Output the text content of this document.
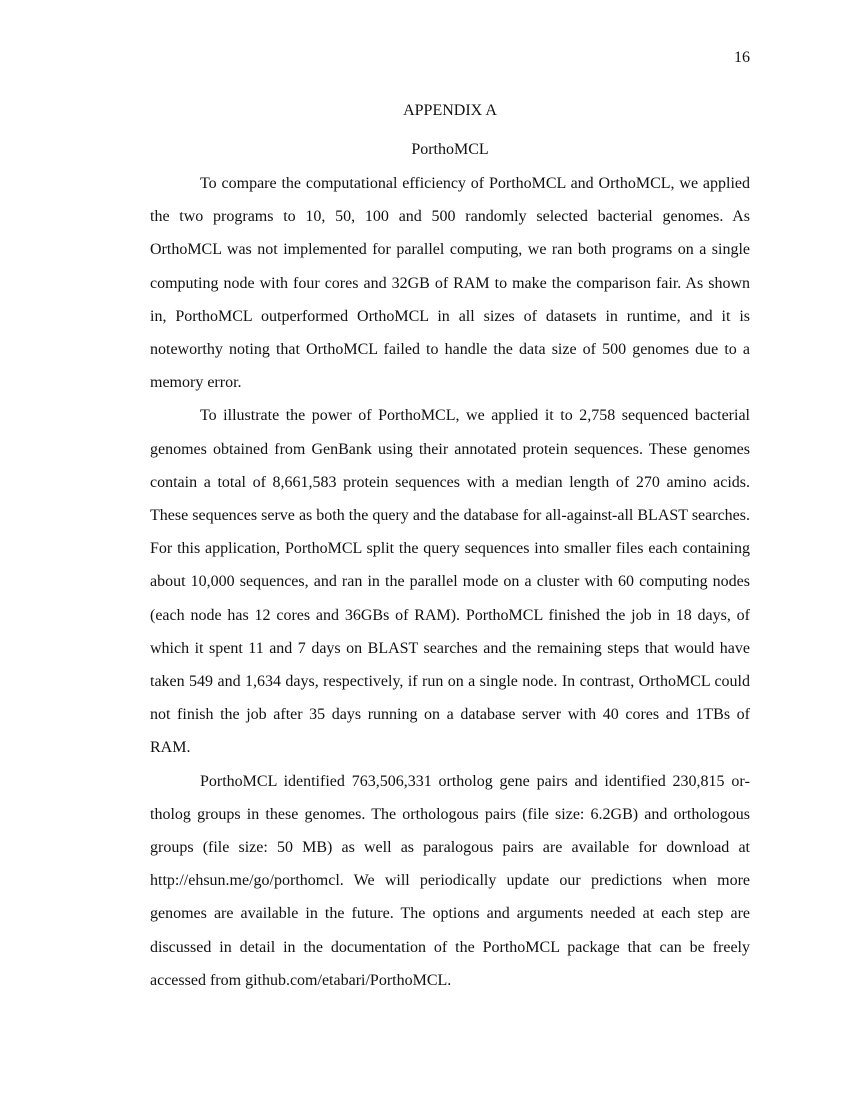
16
APPENDIX A
PorthoMCL

To compare the computational efficiency of PorthoMCL and OrthoMCL, we applied the two programs to 10, 50, 100 and 500 randomly selected bacterial genomes. As OrthoMCL was not implemented for parallel computing, we ran both programs on a single computing node with four cores and 32GB of RAM to make the comparison fair. As shown in, PorthoMCL outperformed OrthoMCL in all sizes of datasets in runtime, and it is noteworthy noting that OrthoMCL failed to handle the data size of 500 genomes due to a memory error.

To illustrate the power of PorthoMCL, we applied it to 2,758 sequenced bacterial genomes obtained from GenBank using their annotated protein sequences. These genomes contain a total of 8,661,583 protein sequences with a median length of 270 amino acids. These sequences serve as both the query and the database for all-against-all BLAST searches. For this application, PorthoMCL split the query sequences into smaller files each containing about 10,000 sequences, and ran in the parallel mode on a cluster with 60 computing nodes (each node has 12 cores and 36GBs of RAM). PorthoMCL finished the job in 18 days, of which it spent 11 and 7 days on BLAST searches and the remaining steps that would have taken 549 and 1,634 days, respectively, if run on a single node. In contrast, OrthoMCL could not finish the job after 35 days running on a database server with 40 cores and 1TBs of RAM.

PorthoMCL identified 763,506,331 ortholog gene pairs and identified 230,815 ortholog groups in these genomes. The orthologous pairs (file size: 6.2GB) and orthologous groups (file size: 50 MB) as well as paralogous pairs are available for download at http://ehsun.me/go/porthomcl. We will periodically update our predictions when more genomes are available in the future. The options and arguments needed at each step are discussed in detail in the documentation of the PorthoMCL package that can be freely accessed from github.com/etabari/PorthoMCL.
